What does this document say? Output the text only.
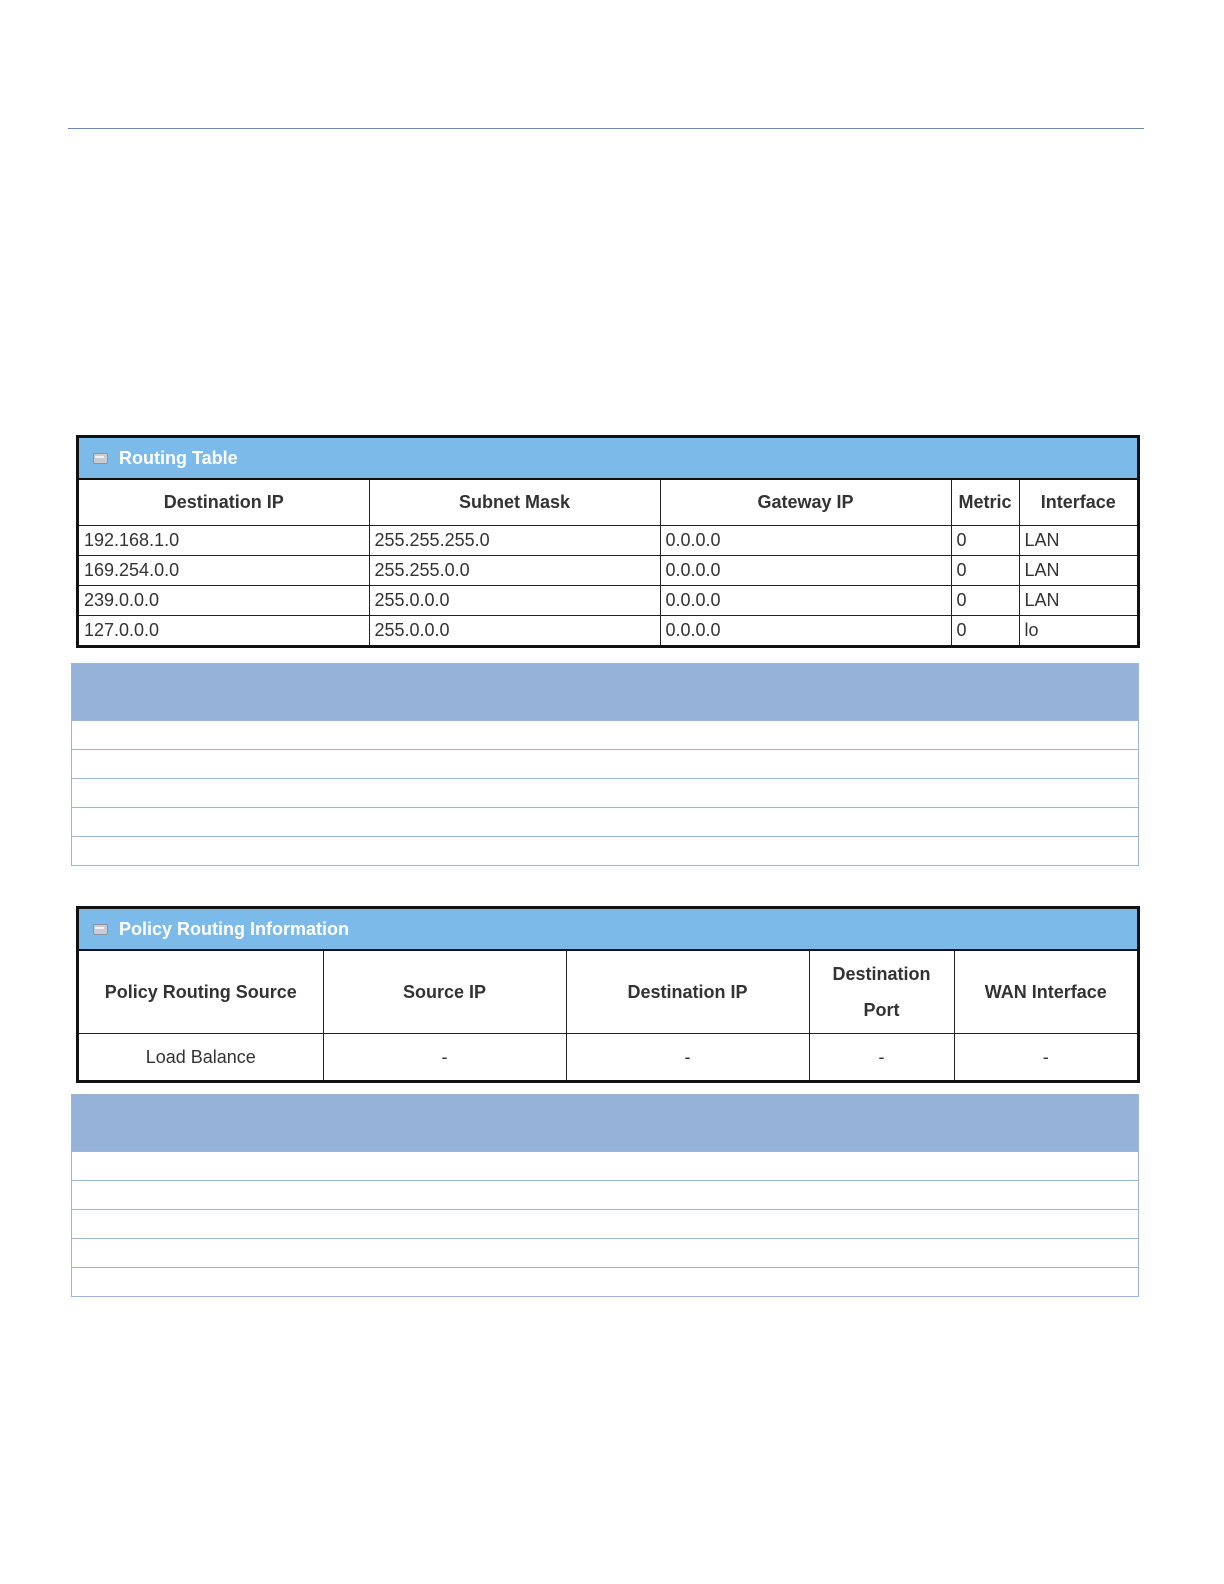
Routing Table
Destination IP	Subnet Mask	Gateway IP	Metric	Interface
192.168.1.0	255.255.255.0	0.0.0.0	0	LAN
169.254.0.0	255.255.0.0	0.0.0.0	0	LAN
239.0.0.0	255.0.0.0	0.0.0.0	0	LAN
127.0.0.0	255.0.0.0	0.0.0.0	0	lo
Policy Routing Information
Policy Routing Source	Source IP	Destination IP	Destination Port	WAN Interface
Load Balance	-	-	-	-
